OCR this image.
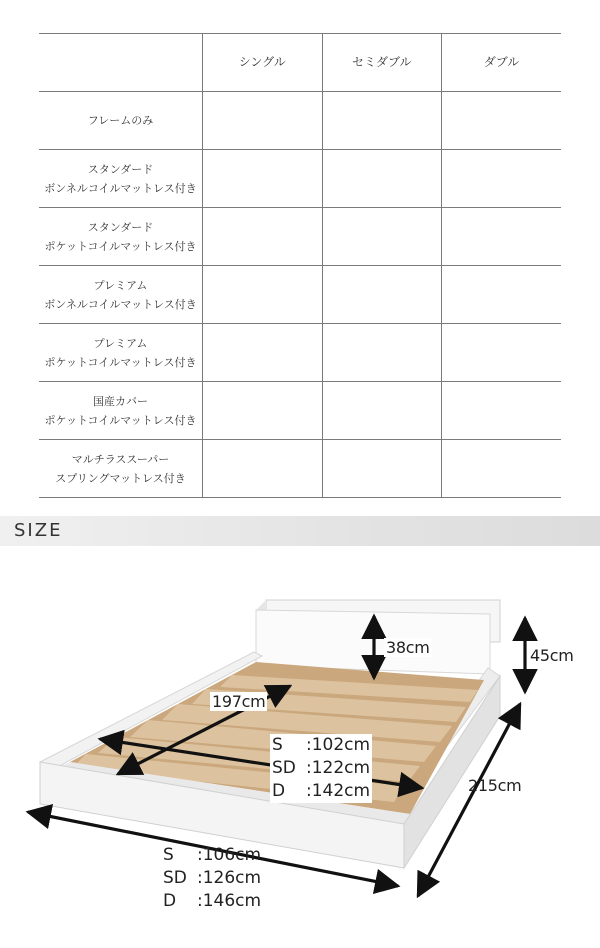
	シングル	セミダブル	ダブル

フレームのみ			

スタンダード
ボンネルコイルマットレス付き			

スタンダード
ポケットコイルマットレス付き			

プレミアム
ボンネルコイルマットレス付き			

プレミアム
ポケットコイルマットレス付き			

国産カバー
ポケットコイルマットレス付き			

マルチラススーパー
スプリングマットレス付き			

SIZE
38cm	45cm
197cm
215cm
S :102cm
SD :122cm
D :142cm
S :106cm
SD :126cm
D :146cm
